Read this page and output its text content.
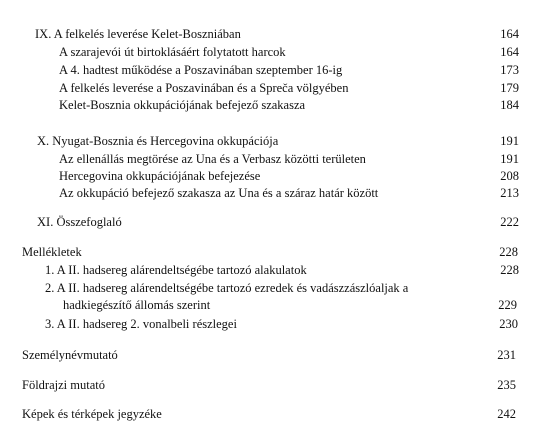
IX. A felkelés leverése Kelet-Boszniában	164
A szarajevói út birtoklásáért folytatott harcok	164
A 4. hadtest működése a Poszavinában szeptember 16-ig	173
A felkelés leverése a Poszavinában és a Spreča völgyében	179
Kelet-Bosznia okkupációjának befejező szakasza	184
X. Nyugat-Bosznia és Hercegovina okkupációja	191
Az ellenállás megtörése az Una és a Verbasz közötti területen	191
Hercegovina okkupációjának befejezése	208
Az okkupáció befejező szakasza az Una és a száraz határ között	213
XI. Összefoglaló	222
Mellékletek	228
1. A II. hadsereg alárendeltségébe tartozó alakulatok	228
2. A II. hadsereg alárendeltségébe tartozó ezredek és vadászzászlóaljak a
hadkiegészítő állomás szerint	229
3. A II. hadsereg 2. vonalbeli részlegei	230
Személynévmutató	231
Földrajzi mutató	235
Képek és térképek jegyzéke	242
